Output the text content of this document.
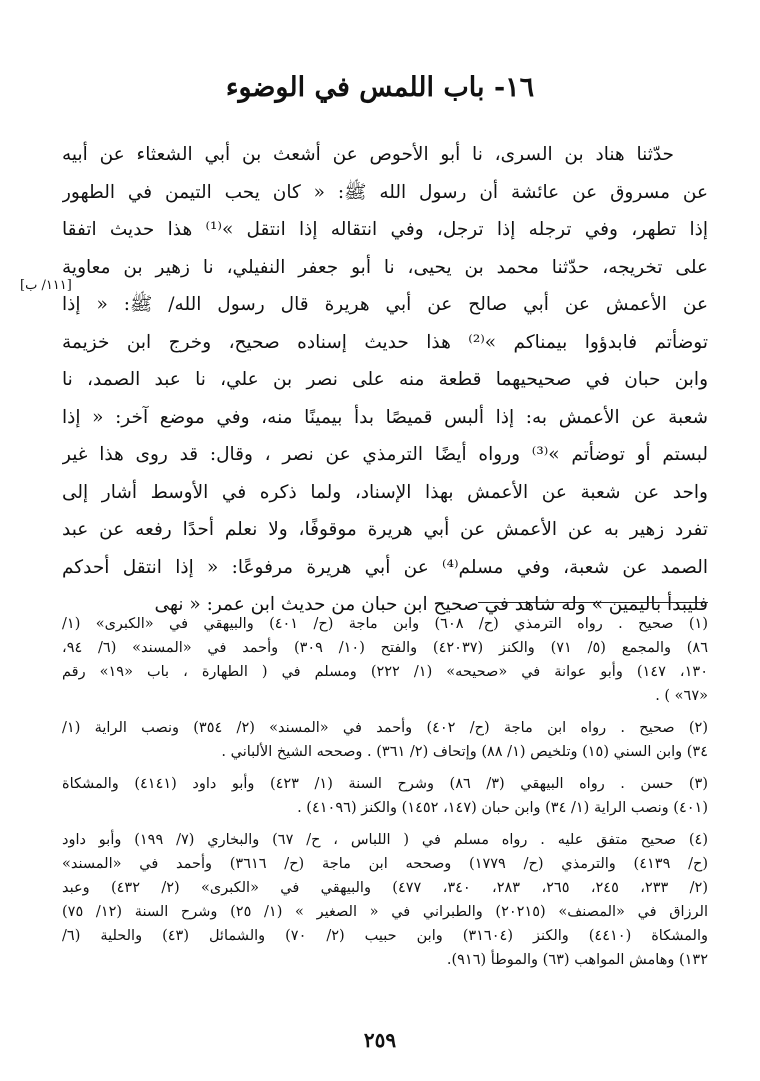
١٦- باب اللمس في الوضوء
حدّثنا هناد بن السرى، نا أبو الأحوص عن أشعث بن أبي الشعثاء عن أبيه
عن مسروق عن عائشة أن رسول الله ﷺ: « كان يحب التيمن في الطهور
إذا تطهر، وفي ترجله إذا ترجل، وفي انتقاله إذا انتقل »⁽¹⁾ هذا حديث اتفقا
على تخريجه، حدّثنا محمد بن يحيى، نا أبو جعفر النفيلي، نا زهير بن معاوية
عن الأعمش عن أبي صالح عن أبي هريرة قال رسول الله/ ﷺ: « إذا
توضأتم فابدؤوا بيمناكم »⁽²⁾ هذا حديث إسناده صحيح، وخرج ابن خزيمة
وابن حبان في صحيحيهما قطعة منه على نصر بن علي، نا عبد الصمد، نا
شعبة عن الأعمش به: إذا ألبس قميصًا بدأ بيمينًا منه، وفي موضع آخر: « إذا
لبستم أو توضأتم »⁽³⁾ ورواه أيضًا الترمذي عن نصر ، وقال: قد روى هذا غير
واحد عن شعبة عن الأعمش بهذا الإسناد، ولما ذكره في الأوسط أشار إلى
تفرد زهير به عن الأعمش عن أبي هريرة موقوفًا، ولا نعلم أحدًا رفعه عن عبد
الصمد عن شعبة، وفي مسلم⁽⁴⁾ عن أبي هريرة مرفوعًا: « إذا انتقل أحدكم
فليبدأ باليمين » وله شاهد في صحيح ابن حبان من حديث ابن عمر: « نهى
[١١١/ ب]
(١) صحيح . رواه الترمذي (ح/ ٦٠٨) وابن ماجة (ح/ ٤٠١) والبيهقي في «الكبرى» (١/
٨٦) والمجمع (٥/ ٧١) والكنز (٤٢٠٣٧) والفتح (١٠/ ٣٠٩) وأحمد في «المسند» (٦/ ٩٤،
١٣٠، ١٤٧) وأبو عوانة في «صحيحه» (١/ ٢٢٢) ومسلم في ( الطهارة ، باب «١٩» رقم
«٦٧» ) .
(٢) صحيح . رواه ابن ماجة (ح/ ٤٠٢) وأحمد في «المسند» (٢/ ٣٥٤) ونصب الراية (١/
٣٤) وابن السني (١٥) وتلخيص (١/ ٨٨) وإتحاف (٢/ ٣٦١) . وصححه الشيخ الألباني .
(٣) حسن . رواه البيهقي (٣/ ٨٦) وشرح السنة (١/ ٤٢٣) وأبو داود (٤١٤١) والمشكاة
(٤٠١) ونصب الراية (١/ ٣٤) وابن حبان (١٤٧، ١٤٥٢) والكنز (٤١٠٩٦) .
(٤) صحيح متفق عليه . رواه مسلم في ( اللباس ، ح/ ٦٧) والبخاري (٧/ ١٩٩) وأبو داود
(ح/ ٤١٣٩) والترمذي (ح/ ١٧٧٩) وصححه ابن ماجة (ح/ ٣٦١٦) وأحمد في «المسند»
(٢/ ٢٣٣، ٢٤٥، ٢٦٥، ٢٨٣، ٣٤٠، ٤٧٧) والبيهقي في «الكبرى» (٢/ ٤٣٢) وعبد
الرزاق في «المصنف» (٢٠٢١٥) والطبراني في « الصغير » (١/ ٢٥) وشرح السنة (١٢/ ٧٥)
والمشكاة (٤٤١٠) والكنز (٣١٦٠٤) وابن حبيب (٢/ ٧٠) والشمائل (٤٣) والحلية (٦/
١٣٢) وهامش المواهب (٦٣) والموطأ (٩١٦).
٢٥٩
